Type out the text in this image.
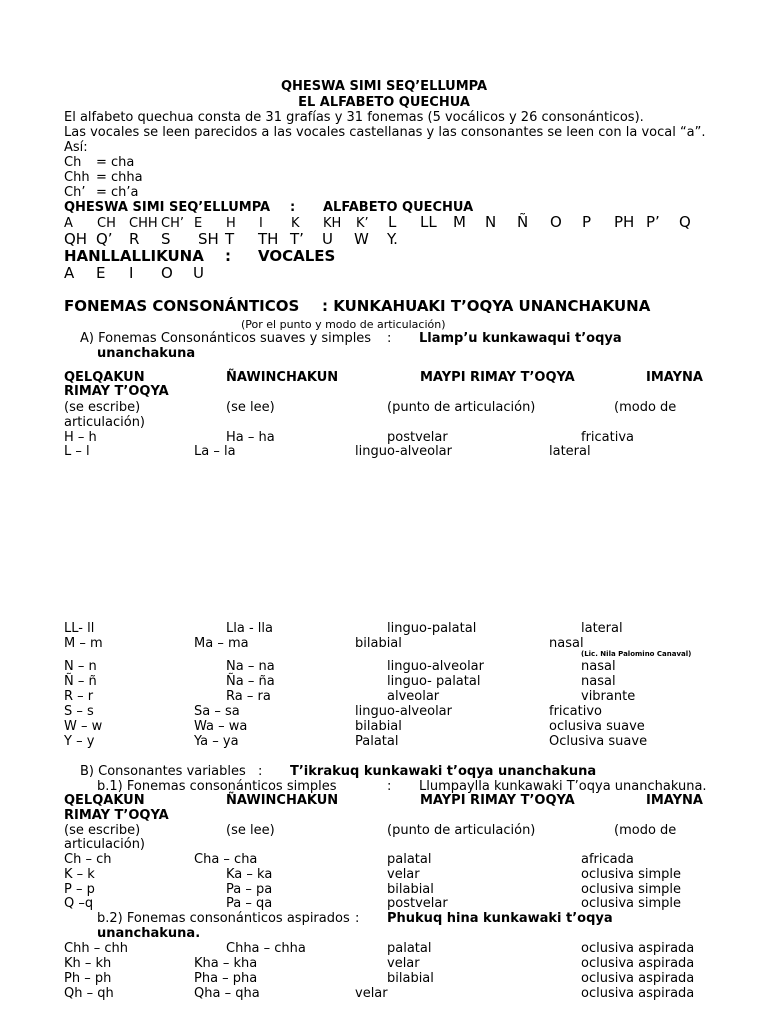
QHESWA SIMI SEQ’ELLUMPA
EL ALFABETO QUECHUA
El alfabeto quechua consta de 31 grafías y 31 fonemas (5 vocálicos y 26 consonánticos).
Las vocales se leen parecidos a las vocales castellanas y las consonantes se leen con la vocal “a”.
Así:
Ch = cha
Chh = chha
Ch’ = ch’a
QHESWA SIMI SEQ’ELLUMPA : ALFABETO QUECHUA
A CH CHH CH’ E H I K KH K’ L LL M N Ñ O P PH P’ Q
QH Q’ R S SH T TH T’ U W Y.
HANLLALLIKUNA : VOCALES
A E I O U
FONEMAS CONSONÁNTICOS : KUNKAHUAKI T’OQYA UNANCHAKUNA
(Por el punto y modo de articulación)
A) Fonemas Consonánticos suaves y simples : Llamp’u kunkawaqui t’oqya
unanchakuna
QELQAKUN	ÑAWINCHAKUN	MAYPI RIMAY T’OQYA	IMAYNA
RIMAY T’OQYA
(se escribe)	(se lee)	(punto de articulación)	(modo de
articulación)
H – h	Ha – ha	postvelar	fricativa
L – l	La – la	linguo-alveolar	lateral
LL- ll	Lla - lla	linguo-palatal	lateral
M – m	Ma – ma	bilabial	nasal
(Lic. Nila Palomino Canaval)
N – n	Na – na	linguo-alveolar	nasal
Ñ – ñ	Ña – ña	linguo- palatal	nasal
R – r	Ra – ra	alveolar	vibrante
S – s	Sa – sa	linguo-alveolar	fricativo
W – w	Wa – wa	bilabial	oclusiva suave
Y – y	Ya – ya	Palatal	Oclusiva suave
B) Consonantes variables : T’ikrakuq kunkawaki t’oqya unanchakuna
b.1) Fonemas consonánticos simples	: Llumpaylla kunkawaki T’oqya unanchakuna.
QELQAKUN	ÑAWINCHAKUN	MAYPI RIMAY T’OQYA	IMAYNA
RIMAY T’OQYA
(se escribe)	(se lee)	(punto de articulación)	(modo de
articulación)
Ch – ch	Cha – cha	palatal	africada
K – k	Ka – ka	velar	oclusiva simple
P – p	Pa – pa	bilabial	oclusiva simple
Q –q	Pa – qa	postvelar	oclusiva simple
b.2) Fonemas consonánticos aspirados : Phukuq hina kunkawaki t’oqya
unanchakuna.
Chh – chh	Chha – chha	palatal	oclusiva aspirada
Kh – kh	Kha – kha	velar	oclusiva aspirada
Ph – ph	Pha – pha	bilabial	oclusiva aspirada
Qh – qh	Qha – qha	velar	oclusiva aspirada
